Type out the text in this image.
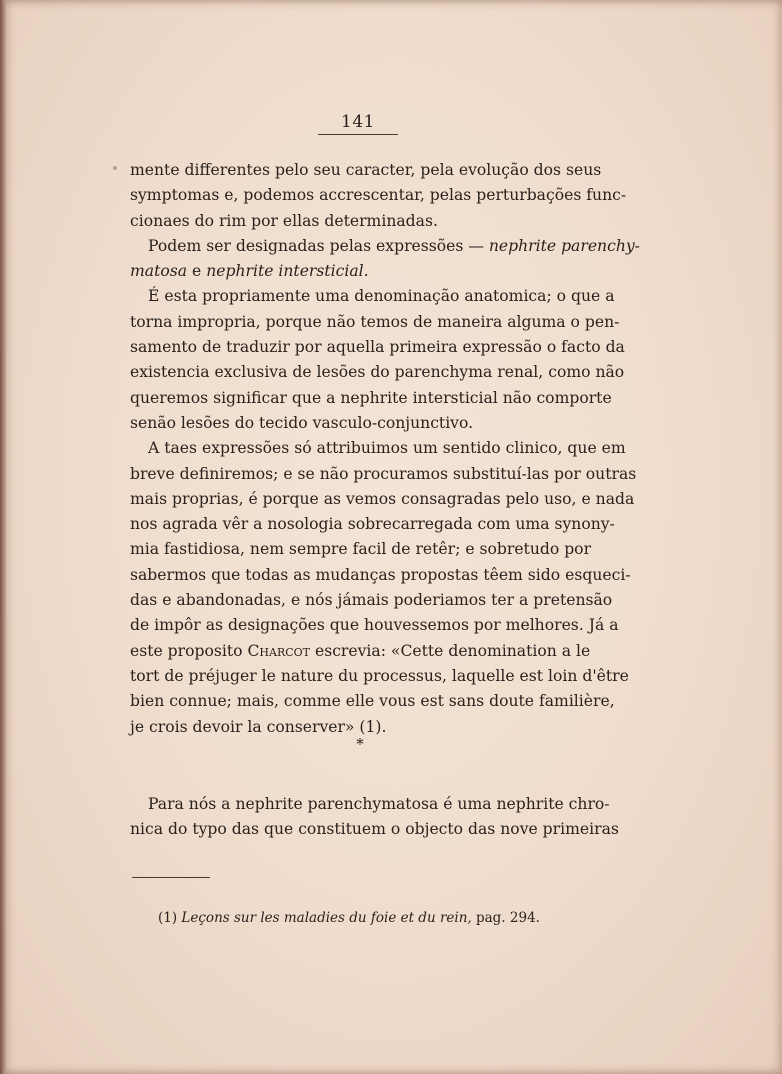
141

mente differentes pelo seu caracter, pela evolução dos seus
symptomas e, podemos accrescentar, pelas perturbações func-
cionaes do rim por ellas determinadas.

Podem ser designadas pelas expressões — nephrite parenchy-
matosa e nephrite intersticial.

É esta propriamente uma denominação anatomica; o que a
torna impropria, porque não temos de maneira alguma o pen-
samento de traduzir por aquella primeira expressão o facto da
existencia exclusiva de lesões do parenchyma renal, como não
queremos significar que a nephrite intersticial não comporte
senão lesões do tecido vasculo-conjunctivo.

A taes expressões só attribuimos um sentido clinico, que em
breve definiremos; e se não procuramos substituí-las por outras
mais proprias, é porque as vemos consagradas pelo uso, e nada
nos agrada vêr a nosologia sobrecarregada com uma synony-
mia fastidiosa, nem sempre facil de retêr; e sobretudo por
sabermos que todas as mudanças propostas têem sido esqueci-
das e abandonadas, e nós jámais poderiamos ter a pretensão
de impôr as designações que houvessemos por melhores. Já a
este proposito Charcot escrevia: «Cette denomination a le
tort de préjuger le nature du processus, laquelle est loin d'être
bien connue; mais, comme elle vous est sans doute familière,
je crois devoir la conserver» (1).

*
Para nós a nephrite parenchymatosa é uma nephrite chro-
nica do typo das que constituem o objecto das nove primeiras
(1) Leçons sur les maladies du foie et du rein, pag. 294.
